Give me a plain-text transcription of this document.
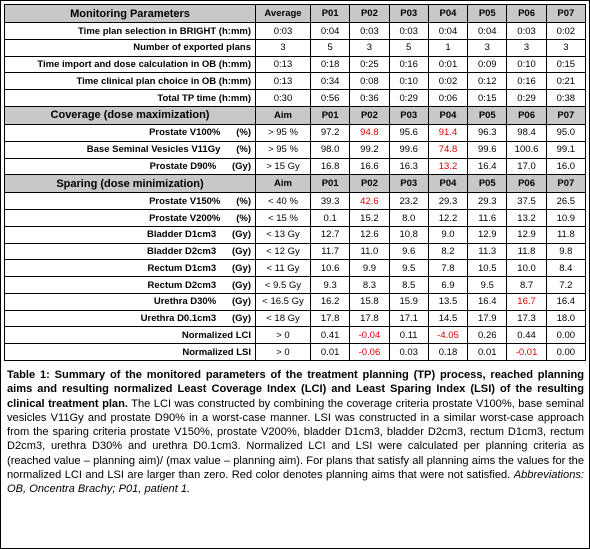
Monitoring Parameters	Average	P01	P02	P03	P04	P05	P06	P07
Time plan selection in BRIGHT (h:mm)	0:03	0:04	0:03	0:03	0:04	0:04	0:03	0:02
Number of exported plans	3	5	3	5	1	3	3	3
Time import and dose calculation in OB (h:mm)	0:13	0:18	0:25	0:16	0:01	0:09	0:10	0:15
Time clinical plan choice in OB (h:mm)	0:13	0:34	0:08	0:10	0:02	0:12	0:16	0:21
Total TP time (h:mm)	0:30	0:56	0:36	0:29	0:06	0:15	0:29	0:38
Coverage (dose maximization)	Aim	P01	P02	P03	P04	P05	P06	P07
Prostate V100%      (%)	> 95 %	97.2	94.8	95.6	91.4	96.3	98.4	95.0
Base Seminal Vesicles V11Gy      (%)	> 95 %	98.0	99.2	99.6	74.8	99.6	100.6	99.1
Prostate D90%      (Gy)	> 15 Gy	16.8	16.6	16.3	13.2	16.4	17.0	16.0
Sparing (dose minimization)	Aim	P01	P02	P03	P04	P05	P06	P07
Prostate V150%      (%)	< 40 %	39.3	42.6	23.2	29.3	29.3	37.5	26.5
Prostate V200%      (%)	< 15 %	0.1	15.2	8.0	12.2	11.6	13.2	10.9
Bladder D1cm3      (Gy)	< 13 Gy	12.7	12.6	10.8	9.0	12.9	12.9	11.8
Bladder D2cm3      (Gy)	< 12 Gy	11.7	11.0	9.6	8.2	11.3	11.8	9.8
Rectum D1cm3      (Gy)	< 11 Gy	10.6	9.9	9.5	7.8	10.5	10.0	8.4
Rectum D2cm3      (Gy)	< 9.5 Gy	9.3	8.3	8.5	6.9	9.5	8.7	7.2
Urethra D30%      (Gy)	< 16.5 Gy	16.2	15.8	15.9	13.5	16.4	16.7	16.4
Urethra D0.1cm3      (Gy)	< 18 Gy	17.8	17.8	17.1	14.5	17.9	17.3	18.0
Normalized LCI	> 0	0.41	-0.04	0.11	-4.05	0.26	0.44	0.00
Normalized LSI	> 0	0.01	-0.06	0.03	0.18	0.01	-0.01	0.00

Table 1: Summary of the monitored parameters of the treatment planning (TP) process, reached planning aims and resulting normalized Least Coverage Index (LCI) and Least Sparing Index (LSI) of the resulting clinical treatment plan. The LCI was constructed by combining the coverage criteria prostate V100%, base seminal vesicles V11Gy and prostate D90% in a worst-case manner. LSI was constructed in a similar worst-case approach from the sparing criteria prostate V150%, prostate V200%, bladder D1cm3, bladder D2cm3, rectum D1cm3, rectum D2cm3, urethra D30% and urethra D0.1cm3. Normalized LCI and LSI were calculated per planning criteria as (reached value – planning aim)/ (max value – planning aim). For plans that satisfy all planning aims the values for the normalized LCI and LSI are larger than zero. Red color denotes planning aims that were not satisfied. Abbreviations: OB, Oncentra Brachy; P01, patient 1.
